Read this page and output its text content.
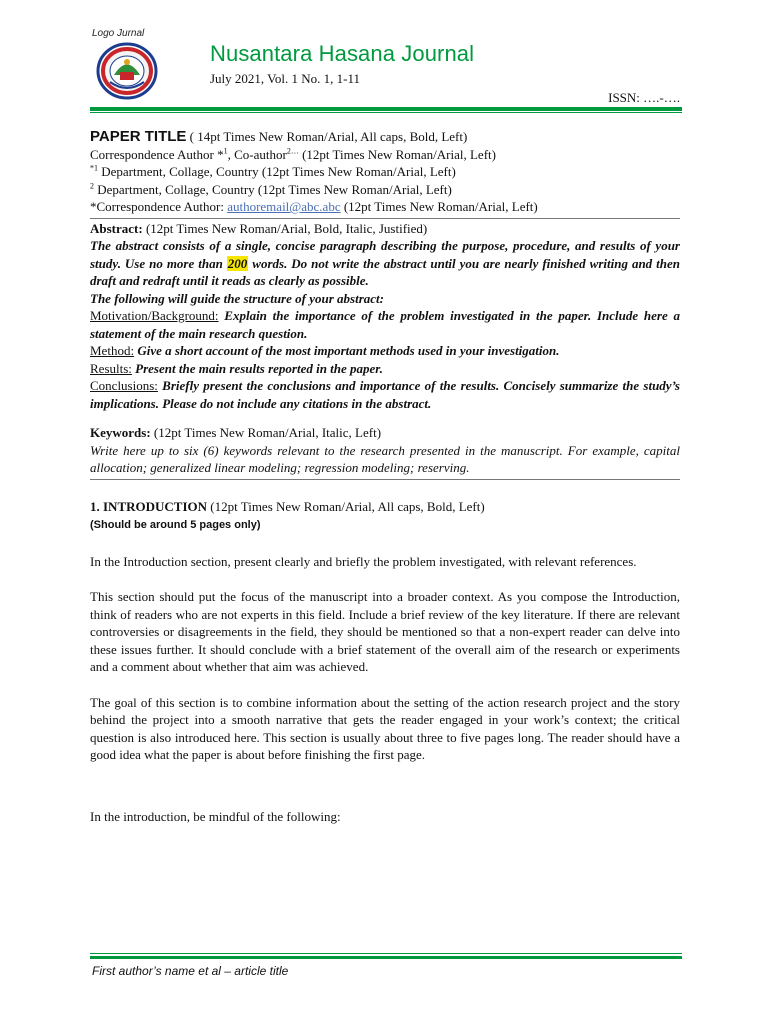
Logo Jurnal
Nusantara Hasana Journal
July 2021, Vol. 1 No. 1, 1-11
ISSN: ….-….
PAPER TITLE ( 14pt Times New Roman/Arial, All caps, Bold, Left)
Correspondence Author *$^1$, Co-author$^{2\dots}$ (12pt Times New Roman/Arial, Left)
$^{*1}$ Department, Collage, Country (12pt Times New Roman/Arial, Left)
$^2$ Department, Collage, Country (12pt Times New Roman/Arial, Left)
*Correspondence Author: authoremail@abc.abc (12pt Times New Roman/Arial, Left)
Abstract: (12pt Times New Roman/Arial, Bold, Italic, Justified)
The abstract consists of a single, concise paragraph describing the purpose, procedure, and results of your study. Use no more than 200 words. Do not write the abstract until you are nearly finished writing and then draft and redraft until it reads as clearly as possible.
The following will guide the structure of your abstract:
Motivation/Background: Explain the importance of the problem investigated in the paper. Include here a statement of the main research question.
Method: Give a short account of the most important methods used in your investigation.
Results: Present the main results reported in the paper.
Conclusions: Briefly present the conclusions and importance of the results. Concisely summarize the study’s implications. Please do not include any citations in the abstract.
Keywords: (12pt Times New Roman/Arial, Italic, Left)
Write here up to six (6) keywords relevant to the research presented in the manuscript. For example, capital allocation; generalized linear modeling; regression modeling; reserving.
1. INTRODUCTION (12pt Times New Roman/Arial, All caps, Bold, Left)
(Should be around 5 pages only)
In the Introduction section, present clearly and briefly the problem investigated, with relevant references.
This section should put the focus of the manuscript into a broader context. As you compose the Introduction, think of readers who are not experts in this field. Include a brief review of the key literature. If there are relevant controversies or disagreements in the field, they should be mentioned so that a non-expert reader can delve into these issues further. It should conclude with a brief statement of the overall aim of the research or experiments and a comment about whether that aim was achieved.
The goal of this section is to combine information about the setting of the action research project and the story behind the project into a smooth narrative that gets the reader engaged in your work’s context; the critical question is also introduced here. This section is usually about three to five pages long. The reader should have a good idea what the paper is about before finishing the first page.
In the introduction, be mindful of the following:
First author’s name et al – article title
